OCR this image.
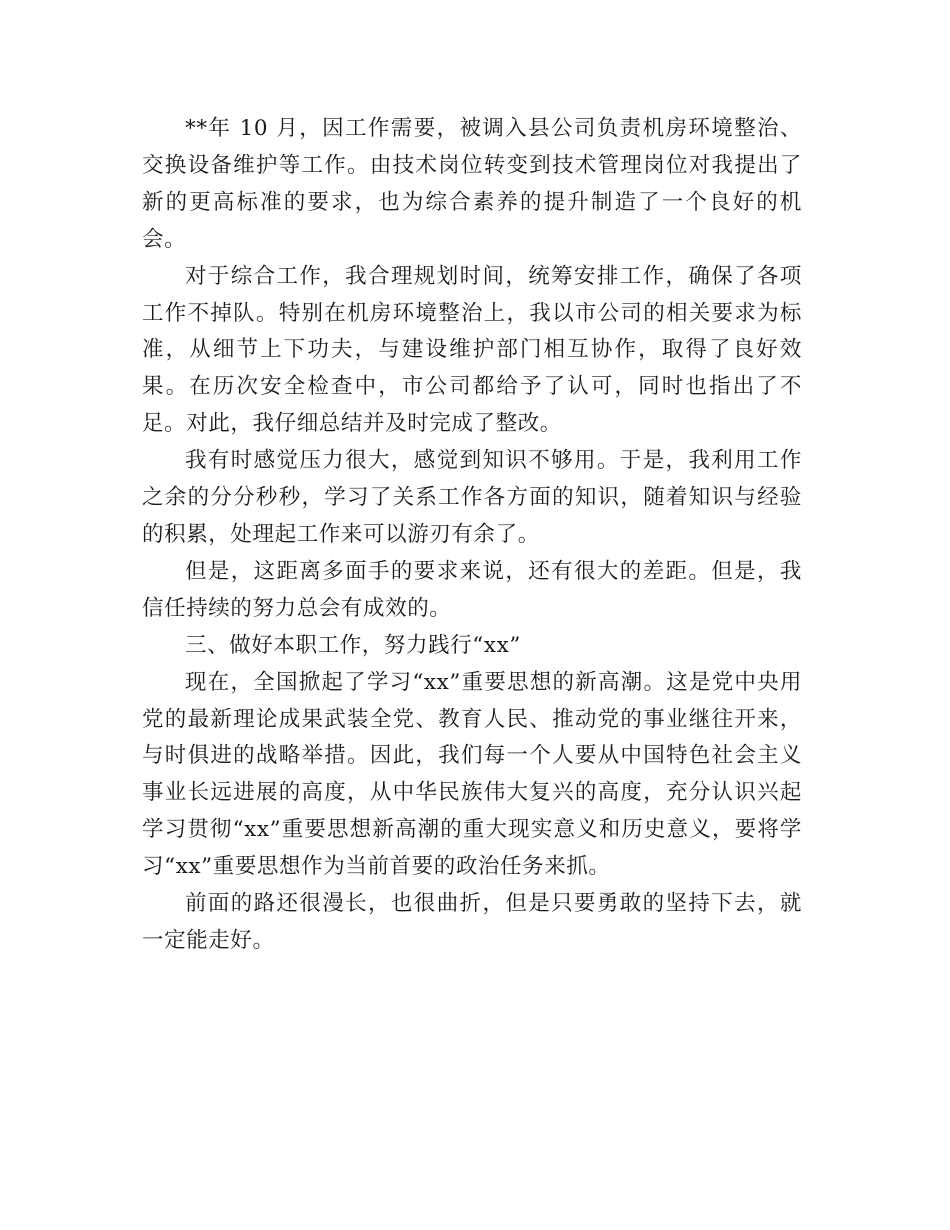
**年 10 月，因工作需要，被调入县公司负责机房环境整治、交换设备维护等工作。由技术岗位转变到技术管理岗位对我提出了新的更高标准的要求，也为综合素养的提升制造了一个良好的机会。

对于综合工作，我合理规划时间，统筹安排工作，确保了各项工作不掉队。特别在机房环境整治上，我以市公司的相关要求为标准，从细节上下功夫，与建设维护部门相互协作，取得了良好效果。在历次安全检查中，市公司都给予了认可，同时也指出了不足。对此，我仔细总结并及时完成了整改。

我有时感觉压力很大，感觉到知识不够用。于是，我利用工作之余的分分秒秒，学习了关系工作各方面的知识，随着知识与经验的积累，处理起工作来可以游刃有余了。

但是，这距离多面手的要求来说，还有很大的差距。但是，我信任持续的努力总会有成效的。

三、做好本职工作，努力践行“xx”

现在，全国掀起了学习“xx”重要思想的新高潮。这是党中央用党的最新理论成果武装全党、教育人民、推动党的事业继往开来，与时俱进的战略举措。因此，我们每一个人要从中国特色社会主义事业长远进展的高度，从中华民族伟大复兴的高度，充分认识兴起学习贯彻“xx”重要思想新高潮的重大现实意义和历史意义，要将学习“xx”重要思想作为当前首要的政治任务来抓。

前面的路还很漫长，也很曲折，但是只要勇敢的坚持下去，就一定能走好。
